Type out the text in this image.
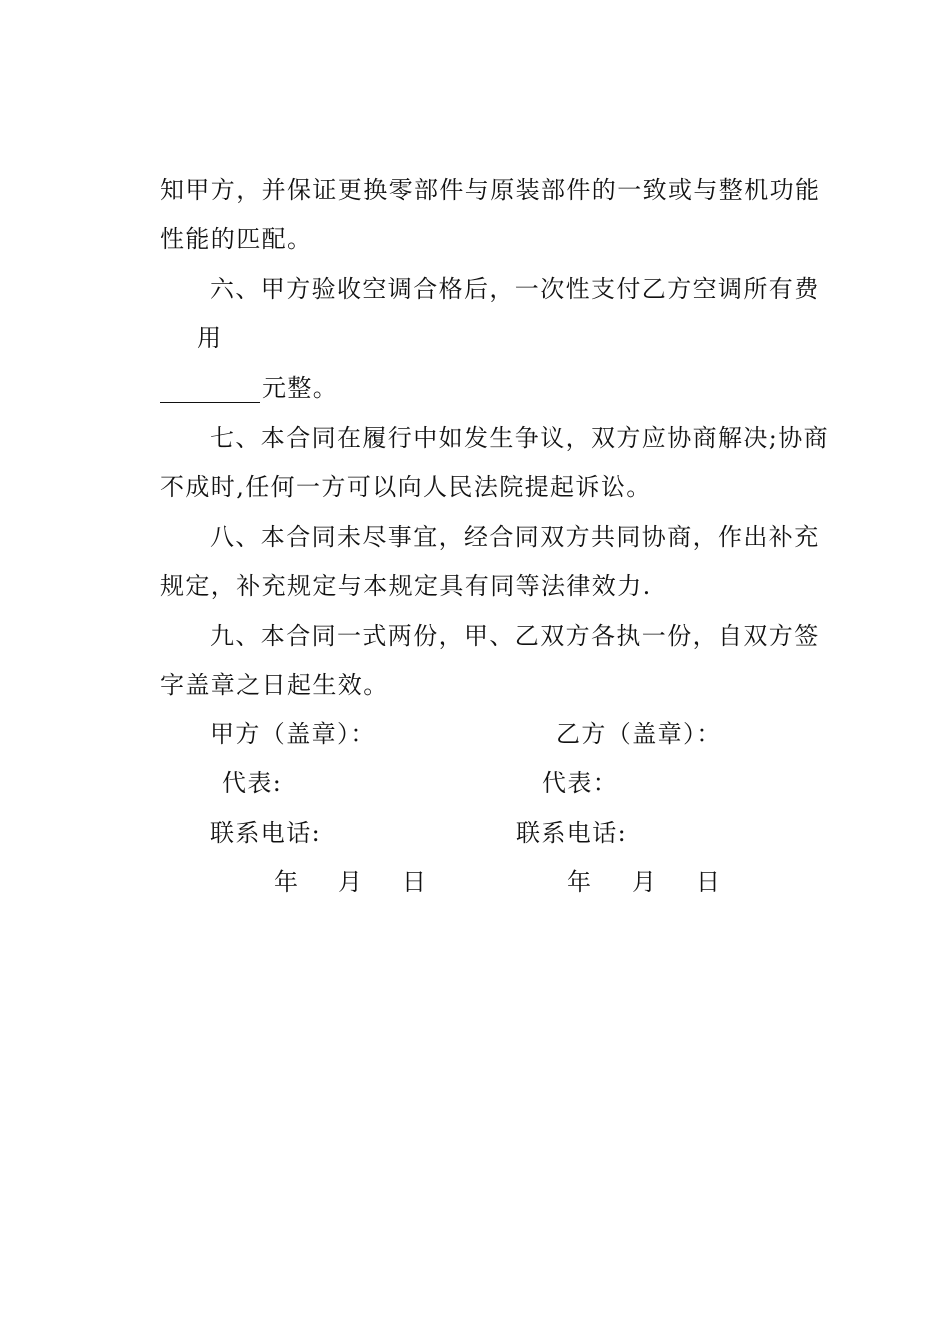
知甲方，并保证更换零部件与原装部件的一致或与整机功能
性能的匹配。
六、甲方验收空调合格后，一次性支付乙方空调所有费
用
元整。
七、本合同在履行中如发生争议，双方应协商解决;协商
不成时,任何一方可以向人民法院提起诉讼。
八、本合同未尽事宜，经合同双方共同协商，作出补充
规定，补充规定与本规定具有同等法律效力.
九、本合同一式两份，甲、乙双方各执一份，自双方签
字盖章之日起生效。
甲方（盖章）：	乙方（盖章）：
代表:	代表：
联系电话:	联系电话:
年 月 日	年 月 日
